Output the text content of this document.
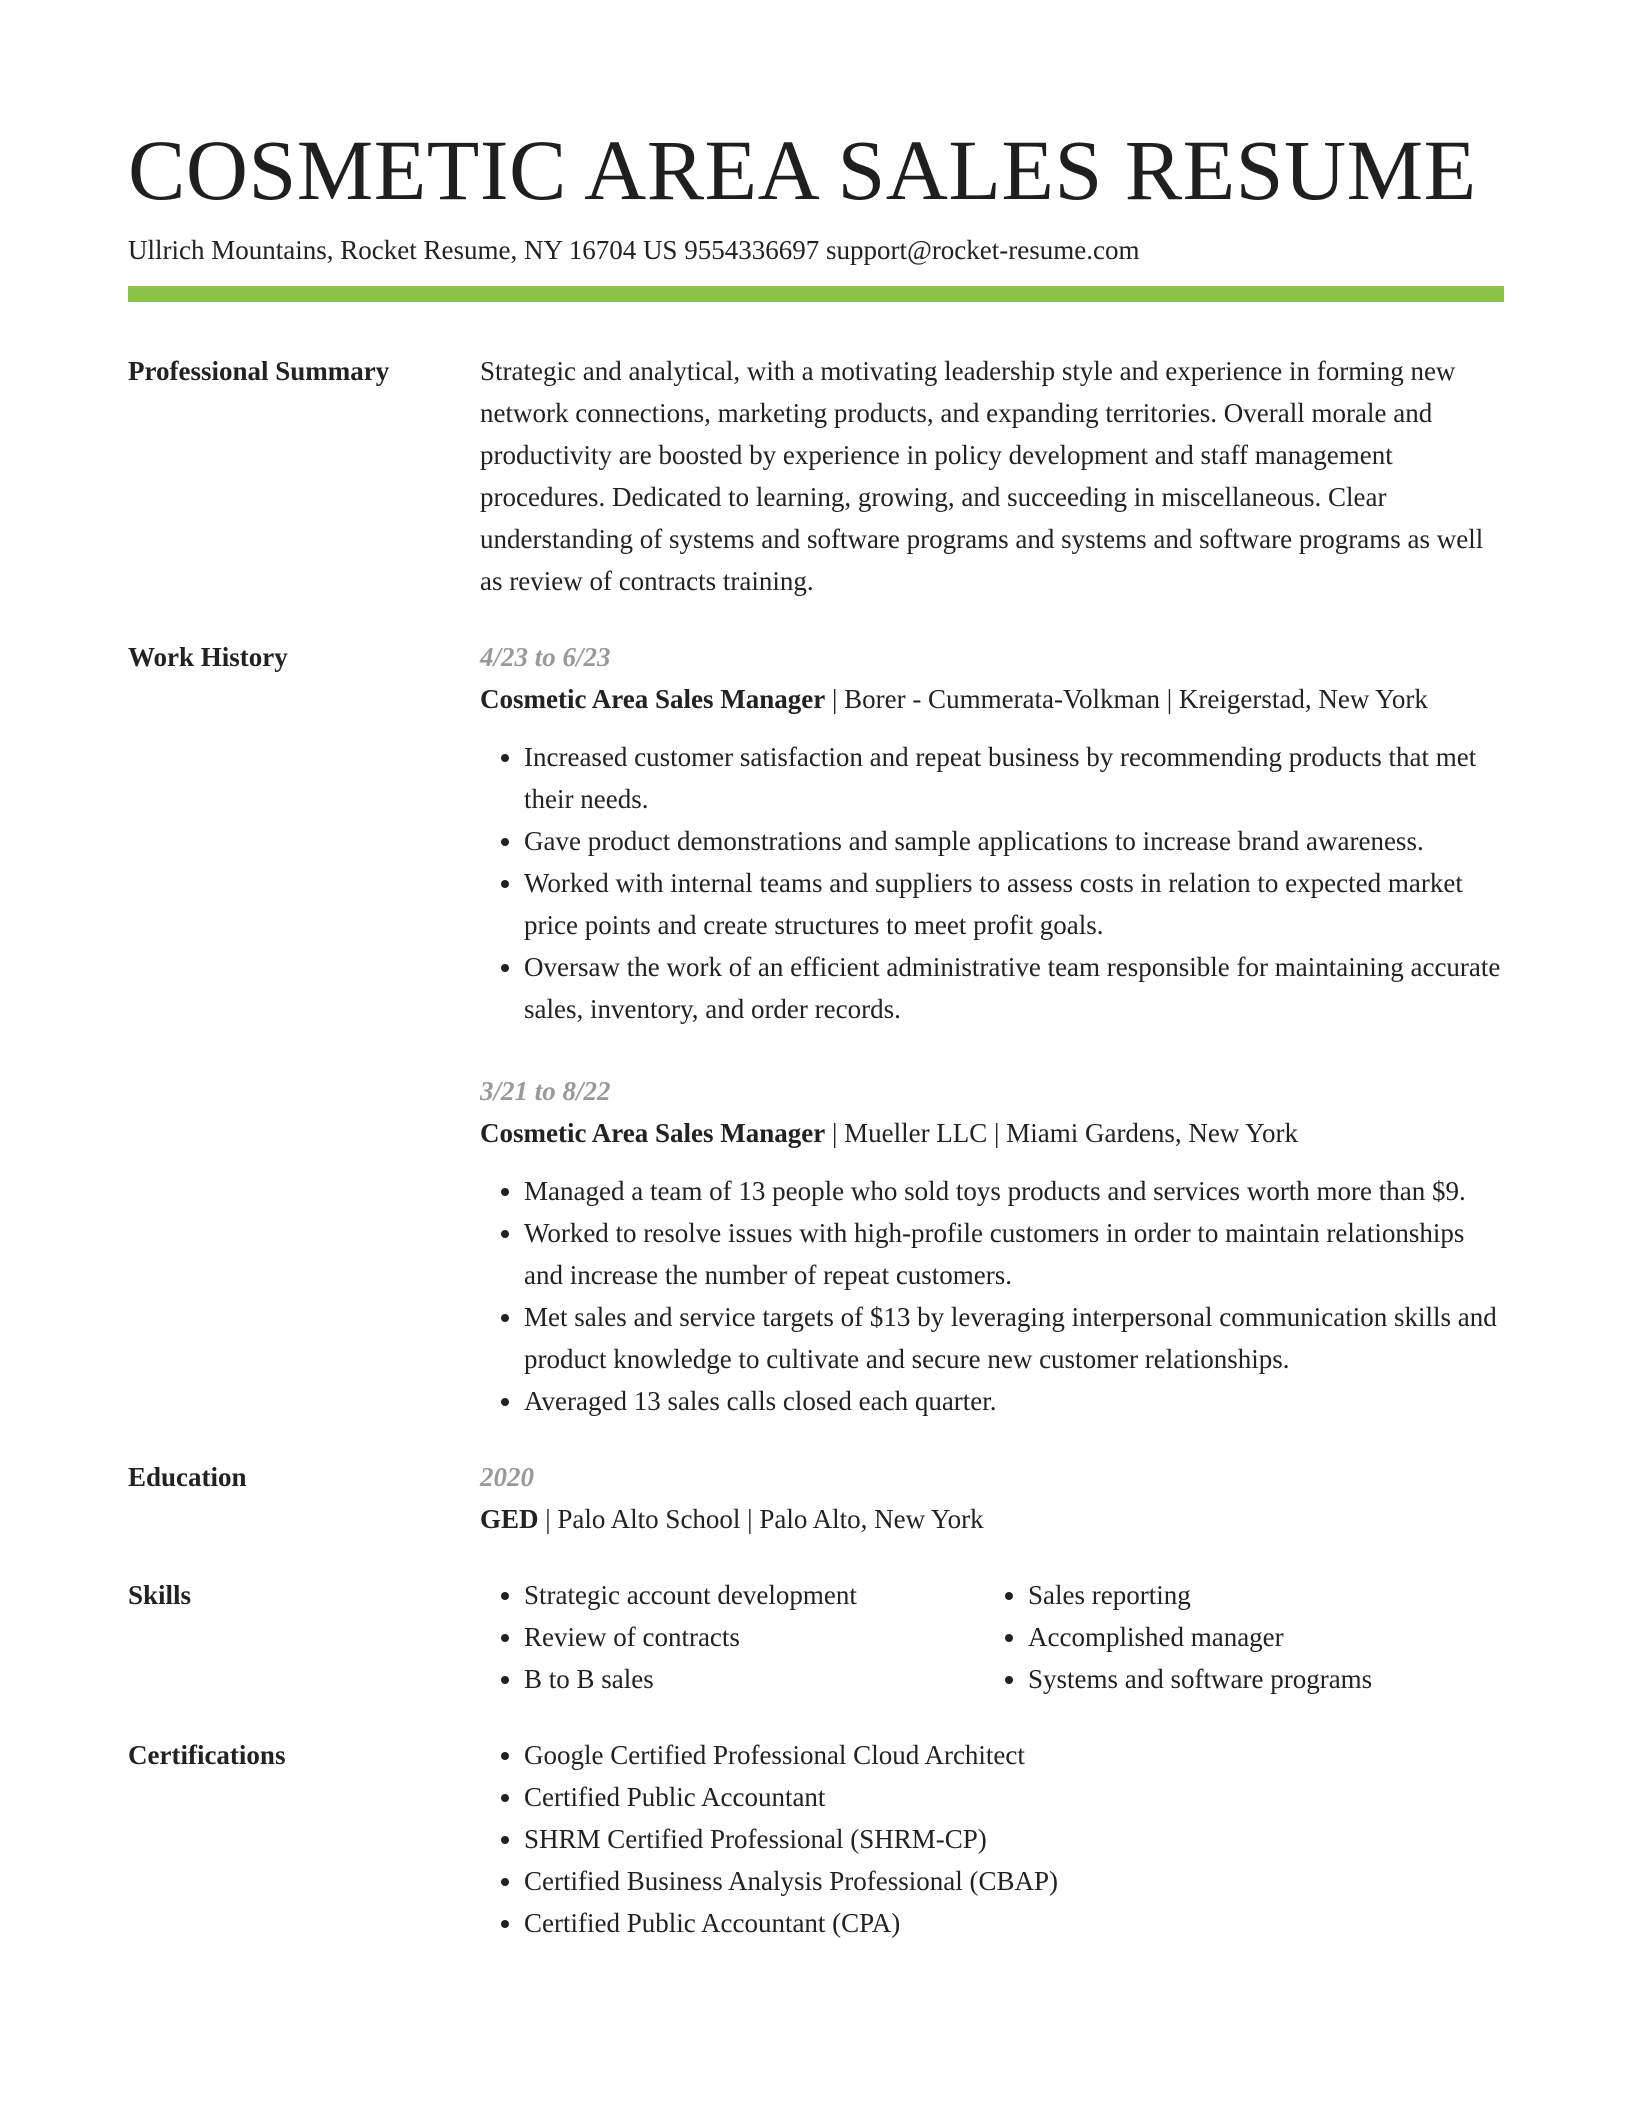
COSMETIC AREA SALES RESUME
Ullrich Mountains, Rocket Resume, NY 16704 US 9554336697 support@rocket-resume.com
Professional Summary	Strategic and analytical, with a motivating leadership style and experience in forming new network connections, marketing products, and expanding territories. Overall morale and productivity are boosted by experience in policy development and staff management procedures. Dedicated to learning, growing, and succeeding in miscellaneous. Clear understanding of systems and software programs and systems and software programs as well as review of contracts training.

Work History	4/23 to 6/23
Cosmetic Area Sales Manager | Borer - Cummerata-Volkman | Kreigerstad, New York
• Increased customer satisfaction and repeat business by recommending products that met their needs.
• Gave product demonstrations and sample applications to increase brand awareness.
• Worked with internal teams and suppliers to assess costs in relation to expected market price points and create structures to meet profit goals.
• Oversaw the work of an efficient administrative team responsible for maintaining accurate sales, inventory, and order records.
3/21 to 8/22
Cosmetic Area Sales Manager | Mueller LLC | Miami Gardens, New York
• Managed a team of 13 people who sold toys products and services worth more than $9.
• Worked to resolve issues with high-profile customers in order to maintain relationships and increase the number of repeat customers.
• Met sales and service targets of $13 by leveraging interpersonal communication skills and product knowledge to cultivate and secure new customer relationships.
• Averaged 13 sales calls closed each quarter.
Education	2020
GED | Palo Alto School | Palo Alto, New York
Skills	• Strategic account development
• Review of contracts
• B to B sales
• Sales reporting
• Accomplished manager
• Systems and software programs
Certifications	• Google Certified Professional Cloud Architect
• Certified Public Accountant
• SHRM Certified Professional (SHRM-CP)
• Certified Business Analysis Professional (CBAP)
• Certified Public Accountant (CPA)
